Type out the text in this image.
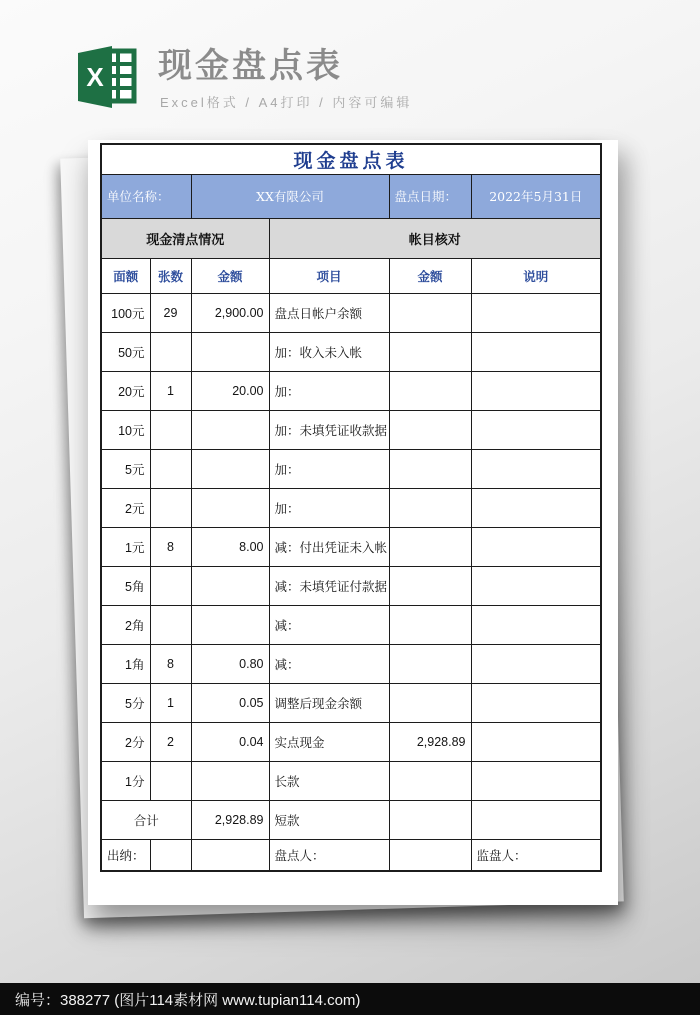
X 现金盘点表

Excel格式 / A4打印 / 内容可编辑

现金盘点表					
单位名称：		XX有限公司		盘点日期：	2022年5月31日
现金清点情况			帐目核对		
面额	张数	金额	项目	金额	说明
100元	29	2,900.00	盘点日帐户余额		
50元			加：收入未入帐		
20元	1	20.00	加：		
10元			加：未填凭证收款据		
5元			加：		
2元			加：		
1元	8	8.00	减：付出凭证未入帐		
5角			减：未填凭证付款据		
2角			减：		
1角	8	0.80	减：		
5分	1	0.05	调整后现金余额		
2分	2	0.04	实点现金	2,928.89	
1分			长款		
合计		2,928.89	短款		
出纳：			盘点人：		监盘人：
编号：388277 (图片114素材网 www.tupian114.com)
